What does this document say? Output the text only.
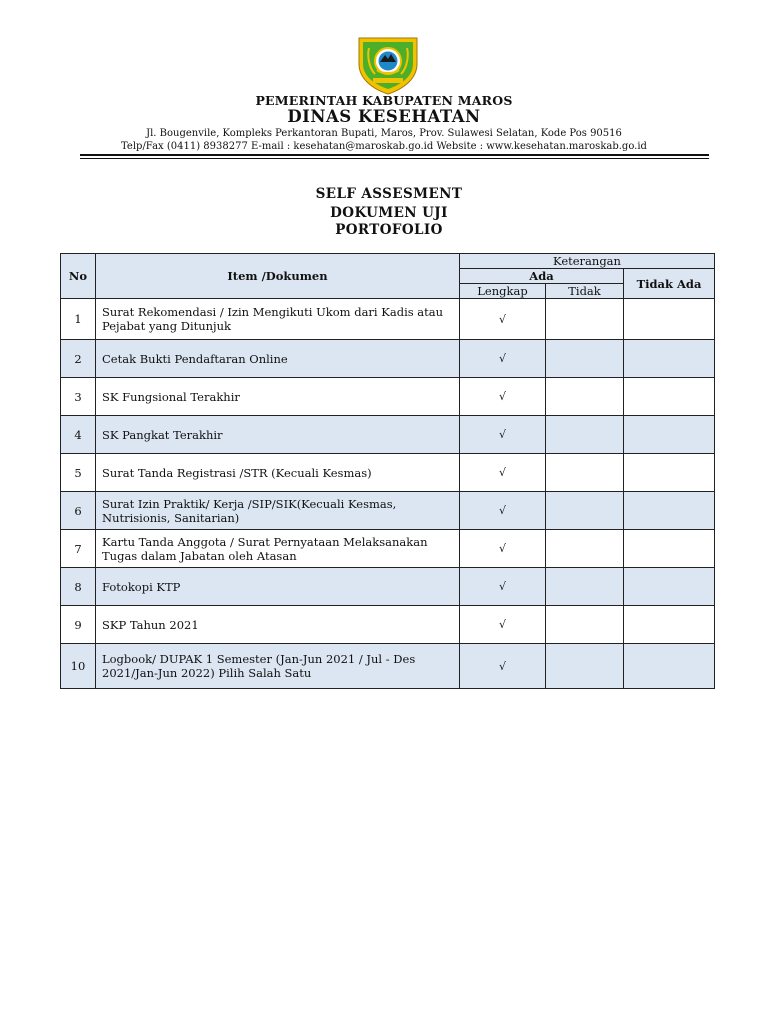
PEMERINTAH KABUPATEN MAROS
DINAS KESEHATAN
Jl. Bougenvile, Kompleks Perkantoran Bupati, Maros, Prov. Sulawesi Selatan, Kode Pos 90516
Telp/Fax (0411) 8938277 E-mail : kesehatan@maroskab.go.id Website : www.kesehatan.maroskab.go.id
SELF ASSESMENT
DOKUMEN UJI
PORTOFOLIO
No	Item /Dokumen	Keterangan		
		Ada		Tidak Ada
		Lengkap	Tidak	
1	Surat Rekomendasi / Izin Mengikuti Ukom dari Kadis atau Pejabat yang Ditunjuk	√		
2	Cetak Bukti Pendaftaran Online	√		
3	SK Fungsional Terakhir	√		
4	SK Pangkat Terakhir	√		
5	Surat Tanda Registrasi /STR (Kecuali Kesmas)	√		
6	Surat Izin Praktik/ Kerja /SIP/SIK(Kecuali Kesmas, Nutrisionis, Sanitarian)	√		
7	Kartu Tanda Anggota / Surat Pernyataan Melaksanakan Tugas dalam Jabatan oleh Atasan	√		
8	Fotokopi KTP	√		
9	SKP Tahun 2021	√		
10	Logbook/ DUPAK 1 Semester (Jan-Jun 2021 / Jul - Des 2021/Jan-Jun 2022) Pilih Salah Satu	√		
